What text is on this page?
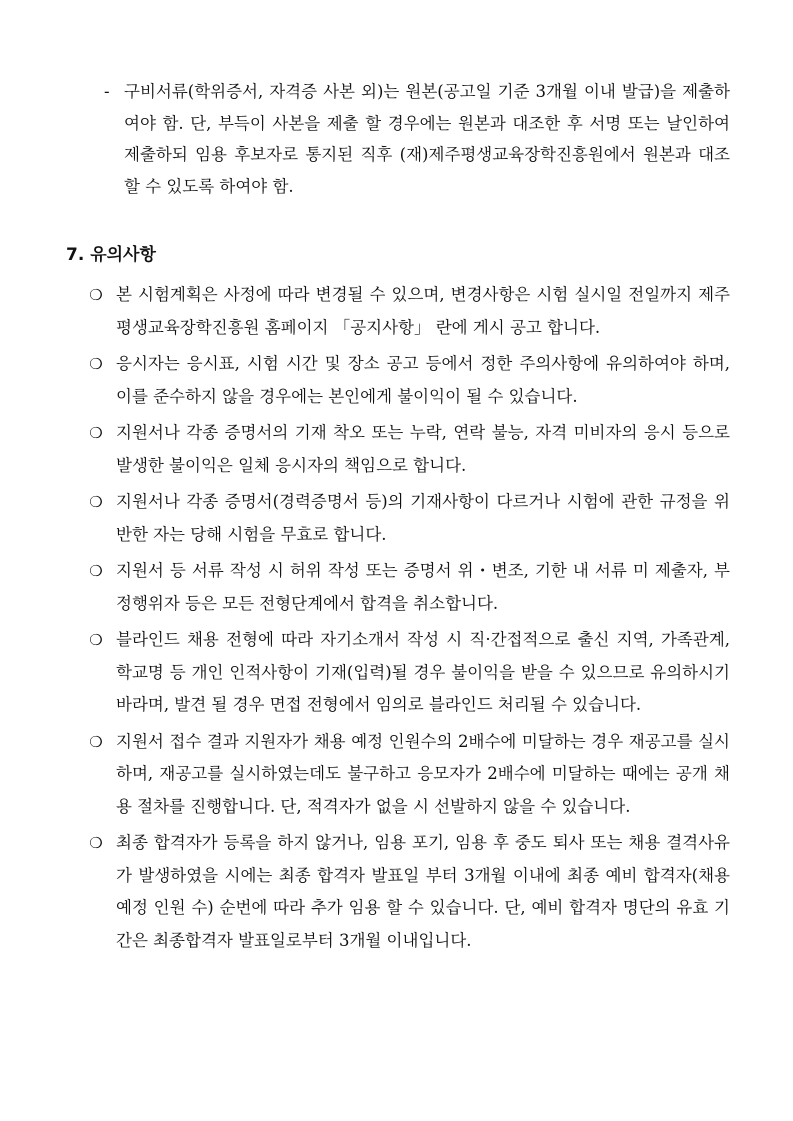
- 구비서류(학위증서, 자격증 사본 외)는 원본(공고일 기준 3개월 이내 발급)을 제출하여야 함. 단, 부득이 사본을 제출 할 경우에는 원본과 대조한 후 서명 또는 날인하여 제출하되 임용 후보자로 통지된 직후 (재)제주평생교육장학진흥원에서 원본과 대조할 수 있도록 하여야 함.
7. 유의사항
❍ 본 시험계획은 사정에 따라 변경될 수 있으며, 변경사항은 시험 실시일 전일까지 제주평생교육장학진흥원 홈페이지 「공지사항」 란에 게시 공고 합니다.
❍ 응시자는 응시표, 시험 시간 및 장소 공고 등에서 정한 주의사항에 유의하여야 하며, 이를 준수하지 않을 경우에는 본인에게 불이익이 될 수 있습니다.
❍ 지원서나 각종 증명서의 기재 착오 또는 누락, 연락 불능, 자격 미비자의 응시 등으로 발생한 불이익은 일체 응시자의 책임으로 합니다.
❍ 지원서나 각종 증명서(경력증명서 등)의 기재사항이 다르거나 시험에 관한 규정을 위반한 자는 당해 시험을 무효로 합니다.
❍ 지원서 등 서류 작성 시 허위 작성 또는 증명서 위・변조, 기한 내 서류 미 제출자, 부정행위자 등은 모든 전형단계에서 합격을 취소합니다.
❍ 블라인드 채용 전형에 따라 자기소개서 작성 시 직·간접적으로 출신 지역, 가족관계, 학교명 등 개인 인적사항이 기재(입력)될 경우 불이익을 받을 수 있으므로 유의하시기 바라며, 발견 될 경우 면접 전형에서 임의로 블라인드 처리될 수 있습니다.
❍ 지원서 접수 결과 지원자가 채용 예정 인원수의 2배수에 미달하는 경우 재공고를 실시하며, 재공고를 실시하였는데도 불구하고 응모자가 2배수에 미달하는 때에는 공개 채용 절차를 진행합니다. 단, 적격자가 없을 시 선발하지 않을 수 있습니다.
❍ 최종 합격자가 등록을 하지 않거나, 임용 포기, 임용 후 중도 퇴사 또는 채용 결격사유가 발생하였을 시에는 최종 합격자 발표일 부터 3개월 이내에 최종 예비 합격자(채용 예정 인원 수) 순번에 따라 추가 임용 할 수 있습니다. 단, 예비 합격자 명단의 유효 기간은 최종합격자 발표일로부터 3개월 이내입니다.
